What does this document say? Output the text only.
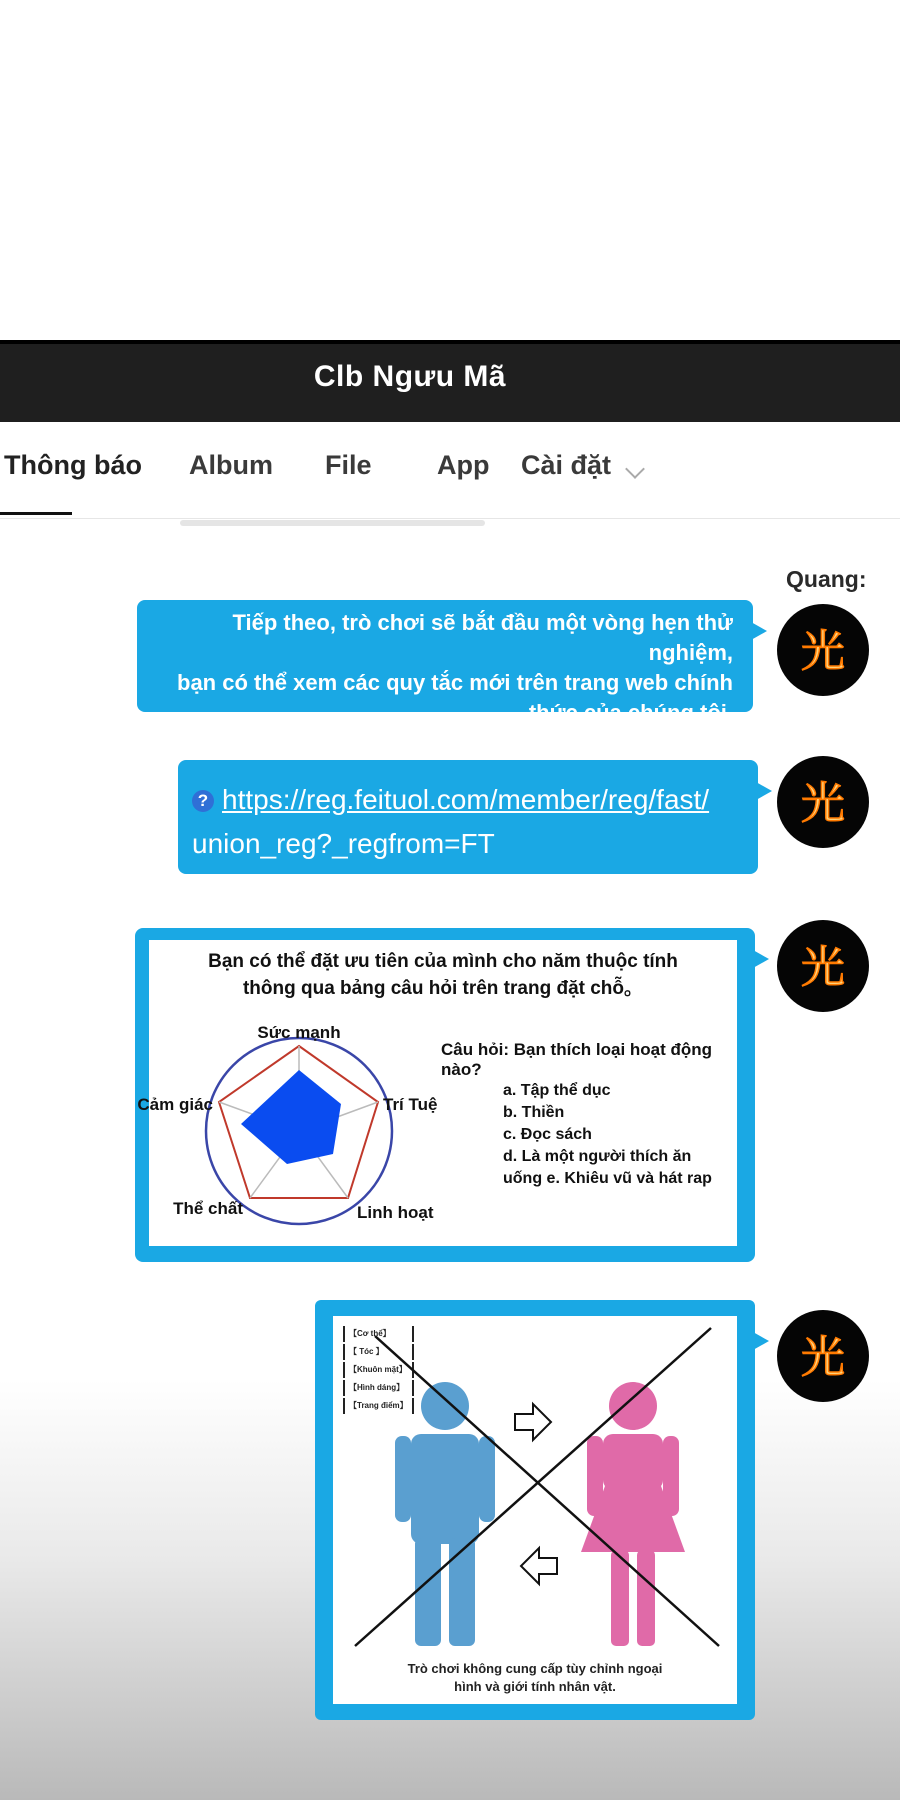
Clb Ngưu Mã
Thông báo Album File App Cài đặt
Quang:
光
光
光
光
Tiếp theo, trò chơi sẽ bắt đầu một vòng hẹn thử nghiệm,
bạn có thể xem các quy tắc mới trên trang web chính
thức của chúng tôi.
? https://reg.feituol.com/member/reg/fast/
union_reg?_regfrom=FT
Bạn có thể đặt ưu tiên của mình cho năm thuộc tính
thông qua bảng câu hỏi trên trang đặt chỗ。
Sức mạnh
Trí Tuệ
Linh hoạt
Thể chất
Cảm giác
Câu hỏi: Bạn thích loại hoạt động nào?
a. Tập thể dục
b. Thiền
c. Đọc sách
d. Là một người thích ăn
uống e. Khiêu vũ và hát rap
【Cơ thể】
【 Tóc 】
【Khuôn mặt】
【Hình dáng】
【Trang điểm】
Trò chơi không cung cấp tùy chỉnh ngoại
hình và giới tính nhân vật.
